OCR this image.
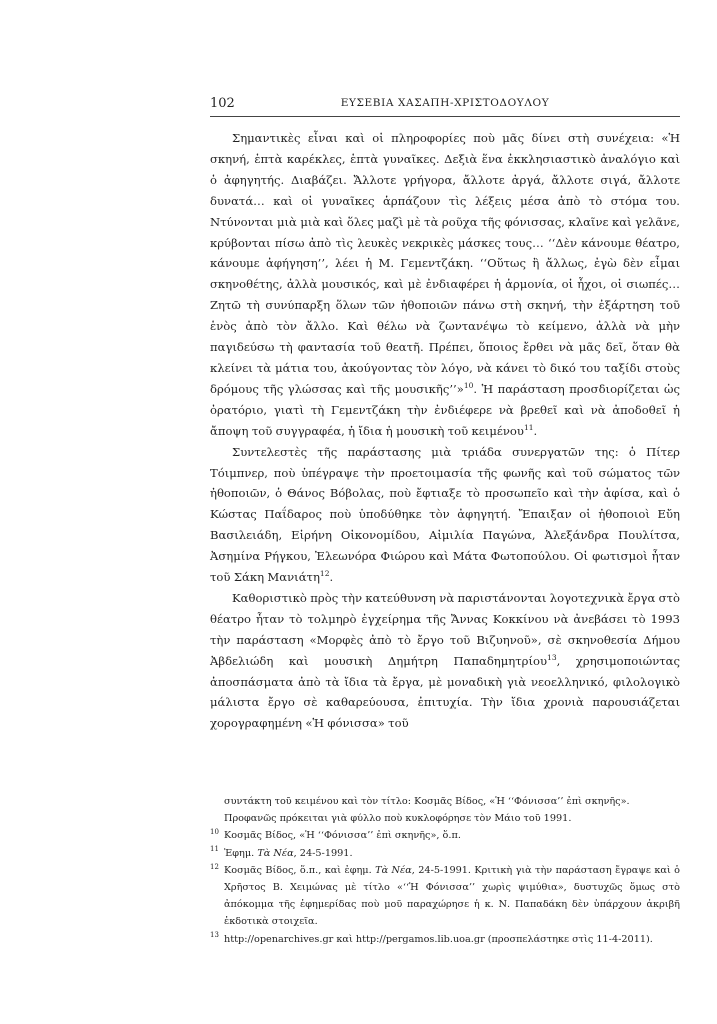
102	ΕΥΣΕΒΙΑ ΧΑΣΑΠΗ-ΧΡΙΣΤΟΔΟΥΛΟΥ

Σημαντικὲς εἶναι καὶ οἱ πληροφορίες ποὺ μᾶς δίνει στὴ συνέχεια: «Ἡ σκηνή, ἑπτὰ καρέκλες, ἑπτὰ γυναῖκες. Δεξιὰ ἕνα ἐκκλησιαστικὸ ἀναλόγιο καὶ ὁ ἀφηγητής. Διαβάζει. Ἄλλοτε γρήγορα, ἄλλοτε ἀργά, ἄλλοτε σιγά, ἄλλοτε δυνατά… καὶ οἱ γυναῖκες ἁρπάζουν τὶς λέξεις μέσα ἀπὸ τὸ στόμα του. Ντύνονται μιὰ μιὰ καὶ ὅλες μαζὶ μὲ τὰ ροῦχα τῆς φόνισσας, κλαῖνε καὶ γελᾶνε, κρύβονται πίσω ἀπὸ τὶς λευκὲς νεκρικὲς μάσκες τους… ‘‘Δὲν κάνουμε θέατρο, κάνουμε ἀφήγηση’’, λέει ἡ Μ. Γεμεντζάκη. ‘‘Οὕτως ἢ ἄλλως, ἐγὼ δὲν εἶμαι σκηνοθέτης, ἀλλὰ μουσικός, καὶ μὲ ἐνδιαφέρει ἡ ἁρμονία, οἱ ἦχοι, οἱ σιωπές… Ζητῶ τὴ συνύπαρξη ὅλων τῶν ἠθοποιῶν πάνω στὴ σκηνή, τὴν ἐξάρτηση τοῦ ἑνὸς ἀπὸ τὸν ἄλλο. Καὶ θέλω νὰ ζωντανέψω τὸ κείμενο, ἀλλὰ νὰ μὴν παγιδεύσω τὴ φαντασία τοῦ θεατῆ. Πρέπει, ὅποιος ἔρθει νὰ μᾶς δεῖ, ὅταν θὰ κλείνει τὰ μάτια του, ἀκούγοντας τὸν λόγο, νὰ κάνει τὸ δικό του ταξίδι στοὺς δρόμους τῆς γλώσσας καὶ τῆς μουσικῆς’’»$^{10}$. Ἡ παράσταση προσδιορίζεται ὡς ὀρατόριο, γιατὶ τὴ Γεμεντζάκη τὴν ἐνδιέφερε νὰ βρεθεῖ καὶ νὰ ἀποδοθεῖ ἡ ἄποψη τοῦ συγγραφέα, ἡ ἴδια ἡ μουσικὴ τοῦ κειμένου$^{11}$.

Συντελεστὲς τῆς παράστασης μιὰ τριάδα συνεργατῶν της: ὁ Πίτερ Τόιμπνερ, ποὺ ὑπέγραψε τὴν προετοιμασία τῆς φωνῆς καὶ τοῦ σώματος τῶν ἠθοποιῶν, ὁ Θάνος Βόβολας, ποὺ ἔφτιαξε τὸ προσωπεῖο καὶ τὴν ἀφίσα, καὶ ὁ Κώστας Παΐδαρος ποὺ ὑποδύθηκε τὸν ἀφηγητή. Ἔπαιξαν οἱ ἠθοποιοὶ Εὔη Βασιλειάδη, Εἰρήνη Οἰκονομίδου, Αἰμιλία Παγώνα, Ἀλεξάνδρα Πουλίτσα, Ἀσημίνα Ρήγκου, Ἐλεωνόρα Φιώρου καὶ Μάτα Φωτοπούλου. Οἱ φωτισμοὶ ἦταν τοῦ Σάκη Μανιάτη$^{12}$.

Καθοριστικὸ πρὸς τὴν κατεύθυνση νὰ παριστάνονται λογοτεχνικὰ ἔργα στὸ θέατρο ἦταν τὸ τολμηρὸ ἐγχείρημα τῆς Ἄννας Κοκκίνου νὰ ἀνεβάσει τὸ 1993 τὴν παράσταση «Μορφὲς ἀπὸ τὸ ἔργο τοῦ Βιζυηνοῦ», σὲ σκηνοθεσία Δήμου Ἀβδελιώδη καὶ μουσικὴ Δημήτρη Παπαδημητρίου$^{13}$, χρησιμοποιώντας ἀποσπάσματα ἀπὸ τὰ ἴδια τὰ ἔργα, μὲ μοναδικὴ γιὰ νεοελληνικό, φιλολογικὸ μάλιστα ἔργο σὲ καθαρεύουσα, ἐπιτυχία. Τὴν ἴδια χρονιὰ παρουσιάζεται χορογραφημένη «Ἡ φόνισσα» τοῦ

συντάκτη τοῦ κειμένου καὶ τὸν τίτλο: Κοσμᾶς Βίδος, «Ἡ ‘‘Φόνισσα’’ ἐπὶ σκηνῆς».
Προφανῶς πρόκειται γιὰ φύλλο ποὺ κυκλοφόρησε τὸν Μάιο τοῦ 1991.

10 Κοσμᾶς Βίδος, «Ἡ ‘‘Φόνισσα’’ ἐπὶ σκηνῆς», ὅ.π.

11 Ἐφημ. Τὰ Νέα, 24-5-1991.

12 Κοσμᾶς Βίδος, ὅ.π., καὶ ἐφημ. Τὰ Νέα, 24-5-1991. Κριτικὴ γιὰ τὴν παράσταση ἔγραψε καὶ ὁ Χρῆστος Β. Χειμώνας μὲ τίτλο «‘‘Ἡ Φόνισσα’’ χωρὶς ψιμύθια», δυστυχῶς ὅμως στὸ ἀπόκομμα τῆς ἐφημερίδας ποὺ μοῦ παραχώρησε ἡ κ. Ν. Παπαδάκη δὲν ὑπάρχουν ἀκριβῆ ἐκδοτικὰ στοιχεῖα.

13 http://openarchives.gr καὶ http://pergamos.lib.uoa.gr (προσπελάστηκε στὶς 11-4-2011).
